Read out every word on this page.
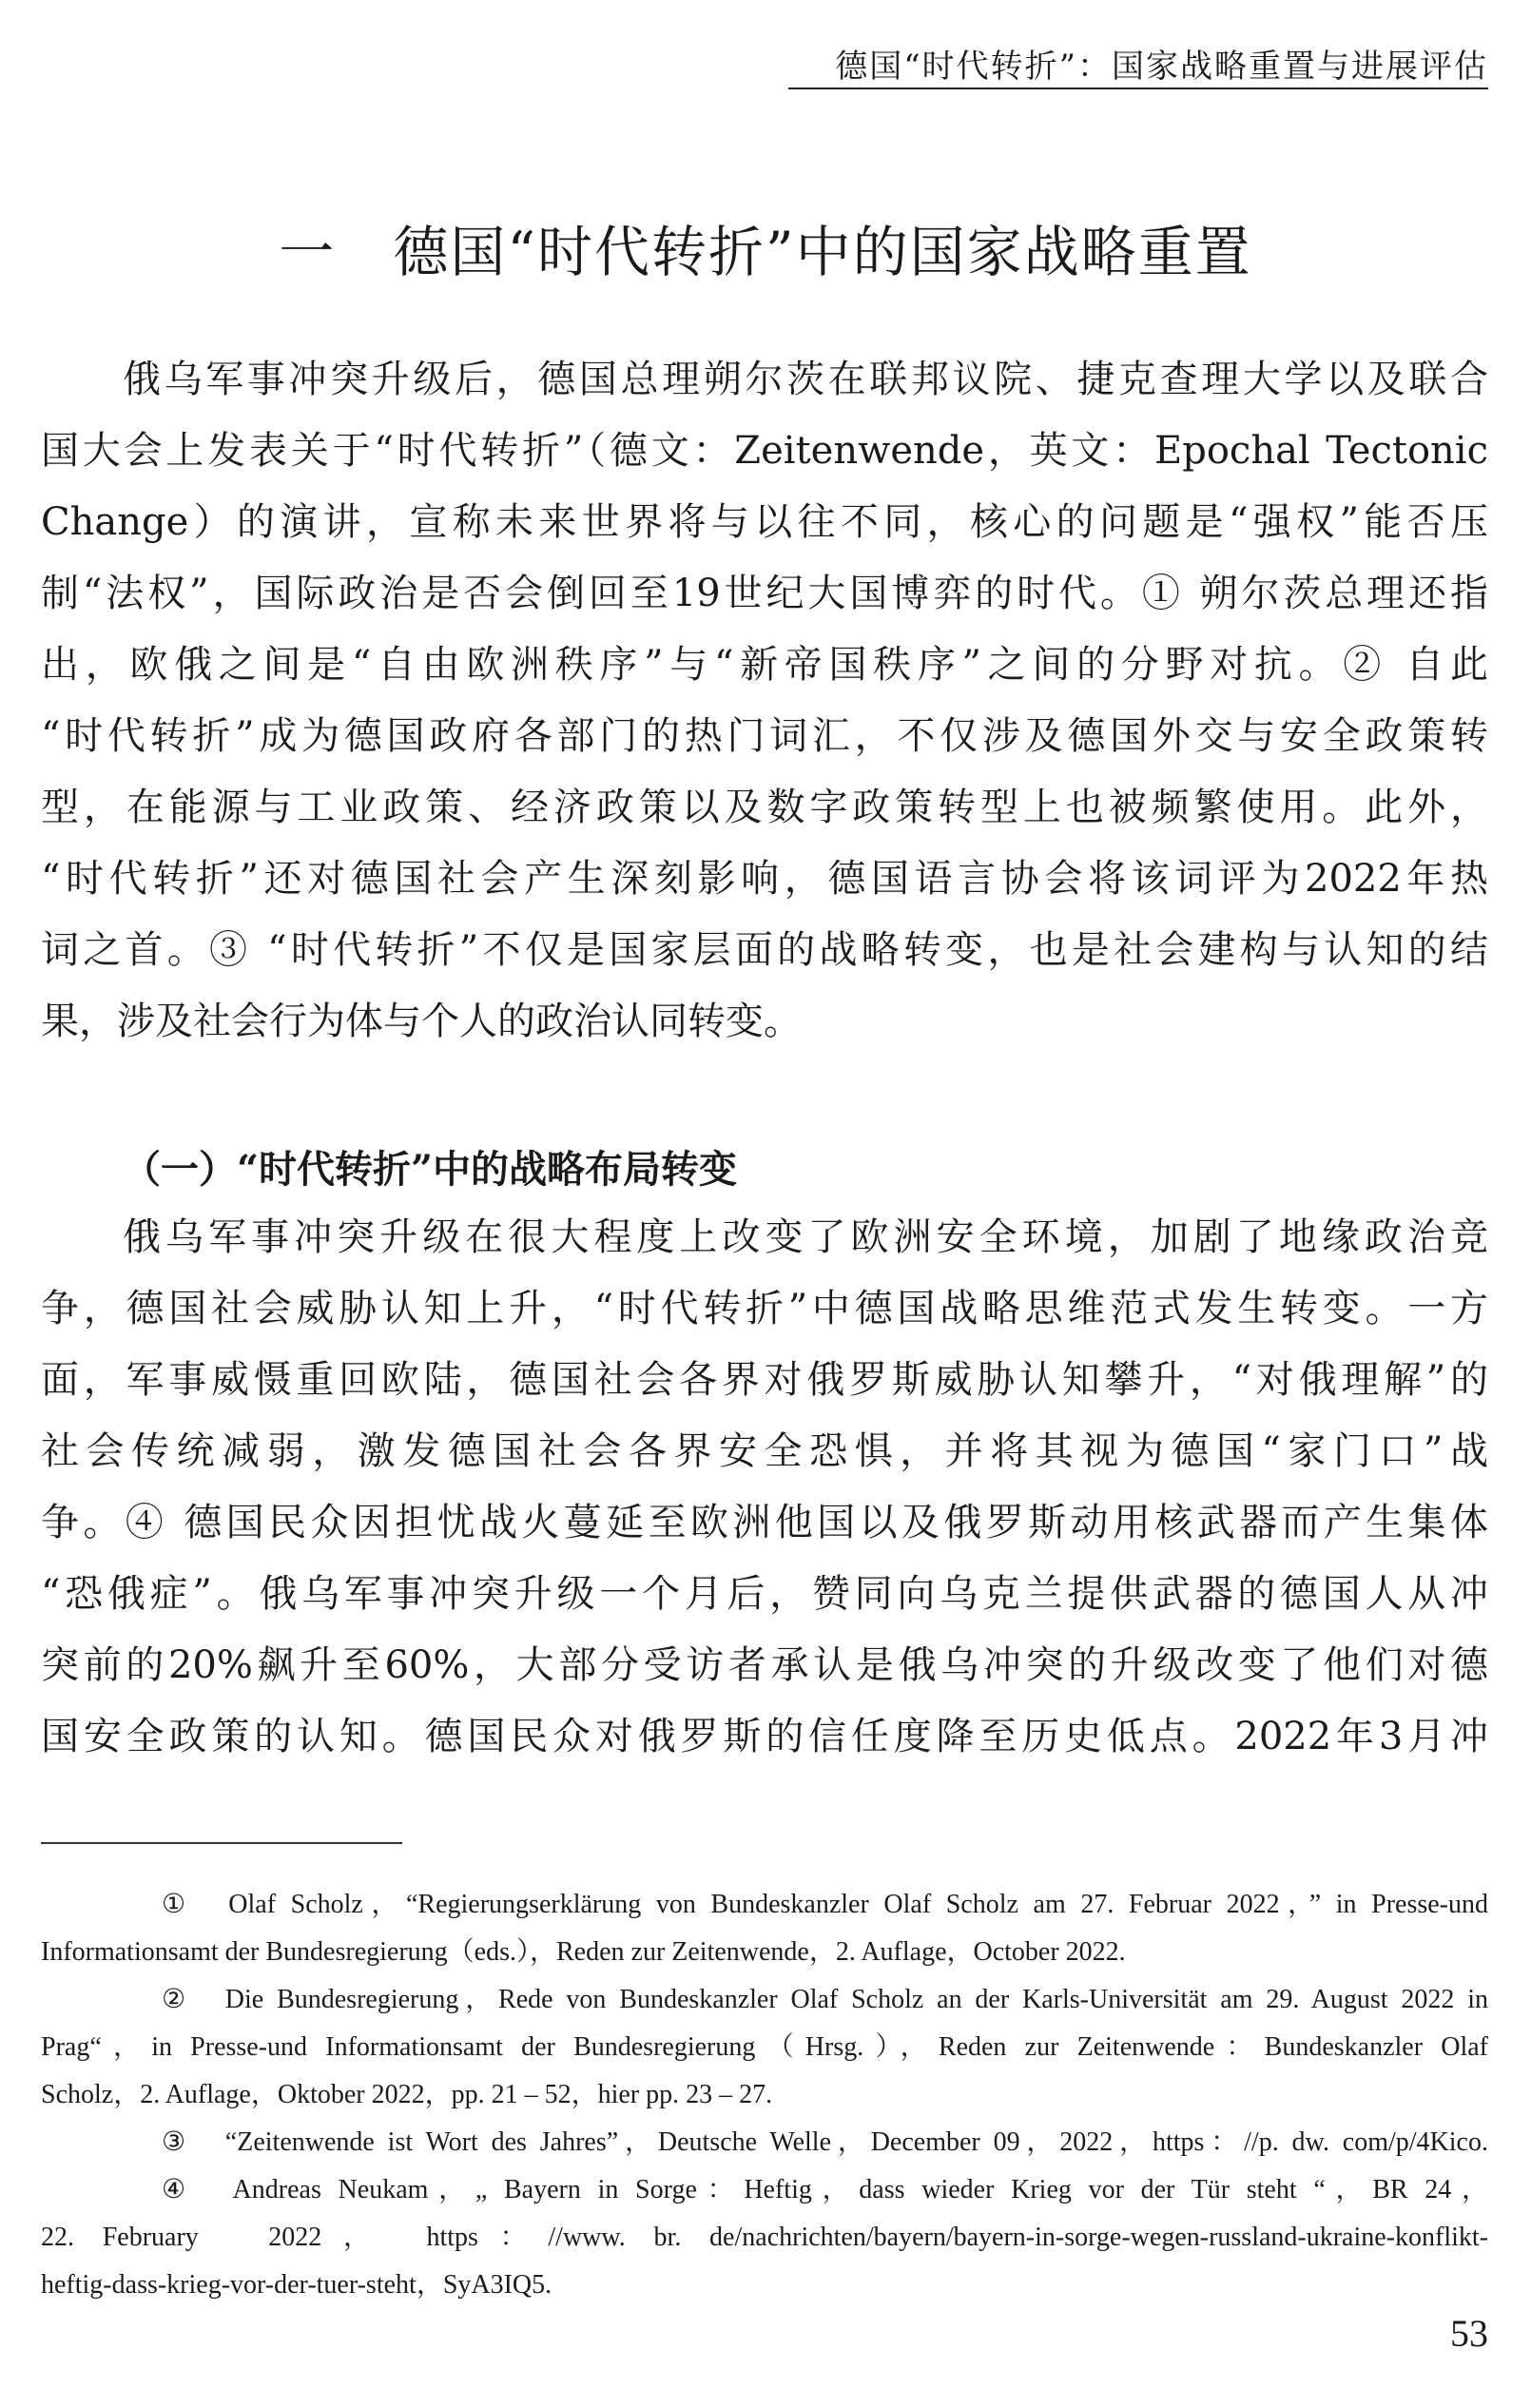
德国“时代转折”：国家战略重置与进展评估
一　德国“时代转折”中的国家战略重置
俄乌军事冲突升级后，德国总理朔尔茨在联邦议院、捷克查理大学以及联合
国大会上发表关于“时代转折”（德文：Zeitenwende，英文：Epochal Tectonic
Change）的演讲，宣称未来世界将与以往不同，核心的问题是“强权”能否压
制“法权”，国际政治是否会倒回至19世纪大国博弈的时代。① 朔尔茨总理还指
出，欧俄之间是“自由欧洲秩序”与“新帝国秩序”之间的分野对抗。② 自此
“时代转折”成为德国政府各部门的热门词汇，不仅涉及德国外交与安全政策转
型，在能源与工业政策、经济政策以及数字政策转型上也被频繁使用。此外，
“时代转折”还对德国社会产生深刻影响，德国语言协会将该词评为2022年热
词之首。③ “时代转折”不仅是国家层面的战略转变，也是社会建构与认知的结
果，涉及社会行为体与个人的政治认同转变。
（一）“时代转折”中的战略布局转变
俄乌军事冲突升级在很大程度上改变了欧洲安全环境，加剧了地缘政治竞
争，德国社会威胁认知上升，“时代转折”中德国战略思维范式发生转变。一方
面，军事威慑重回欧陆，德国社会各界对俄罗斯威胁认知攀升，“对俄理解”的
社会传统减弱，激发德国社会各界安全恐惧，并将其视为德国“家门口”战
争。④ 德国民众因担忧战火蔓延至欧洲他国以及俄罗斯动用核武器而产生集体
“恐俄症”。俄乌军事冲突升级一个月后，赞同向乌克兰提供武器的德国人从冲
突前的20%飙升至60%，大部分受访者承认是俄乌冲突的升级改变了他们对德
国安全政策的认知。德国民众对俄罗斯的信任度降至历史低点。2022年3月冲
①　Olaf Scholz，“Regierungserklärung von Bundeskanzler Olaf Scholz am 27. Februar 2022，” in Presse-und
Informationsamt der Bundesregierung（eds.），Reden zur Zeitenwende，2. Auflage，October 2022.
②　Die Bundesregierung，Rede von Bundeskanzler Olaf Scholz an der Karls-Universität am 29. August 2022 in
Prag“，in Presse-und Informationsamt der Bundesregierung（Hrsg.），Reden zur Zeitenwende：Bundeskanzler Olaf
Scholz，2. Auflage，Oktober 2022，pp. 21 – 52，hier pp. 23 – 27.
③　“Zeitenwende ist Wort des Jahres”，Deutsche Welle，December 09，2022，https：//p. dw. com/p/4Kico.
④　Andreas Neukam，„ Bayern in Sorge：Heftig，dass wieder Krieg vor der Tür steht “，BR 24，
22. February　2022，　https：//www. br. de/nachrichten/bayern/bayern-in-sorge-wegen-russland-ukraine-konflikt-
heftig-dass-krieg-vor-der-tuer-steht，SyA3IQ5.
53
